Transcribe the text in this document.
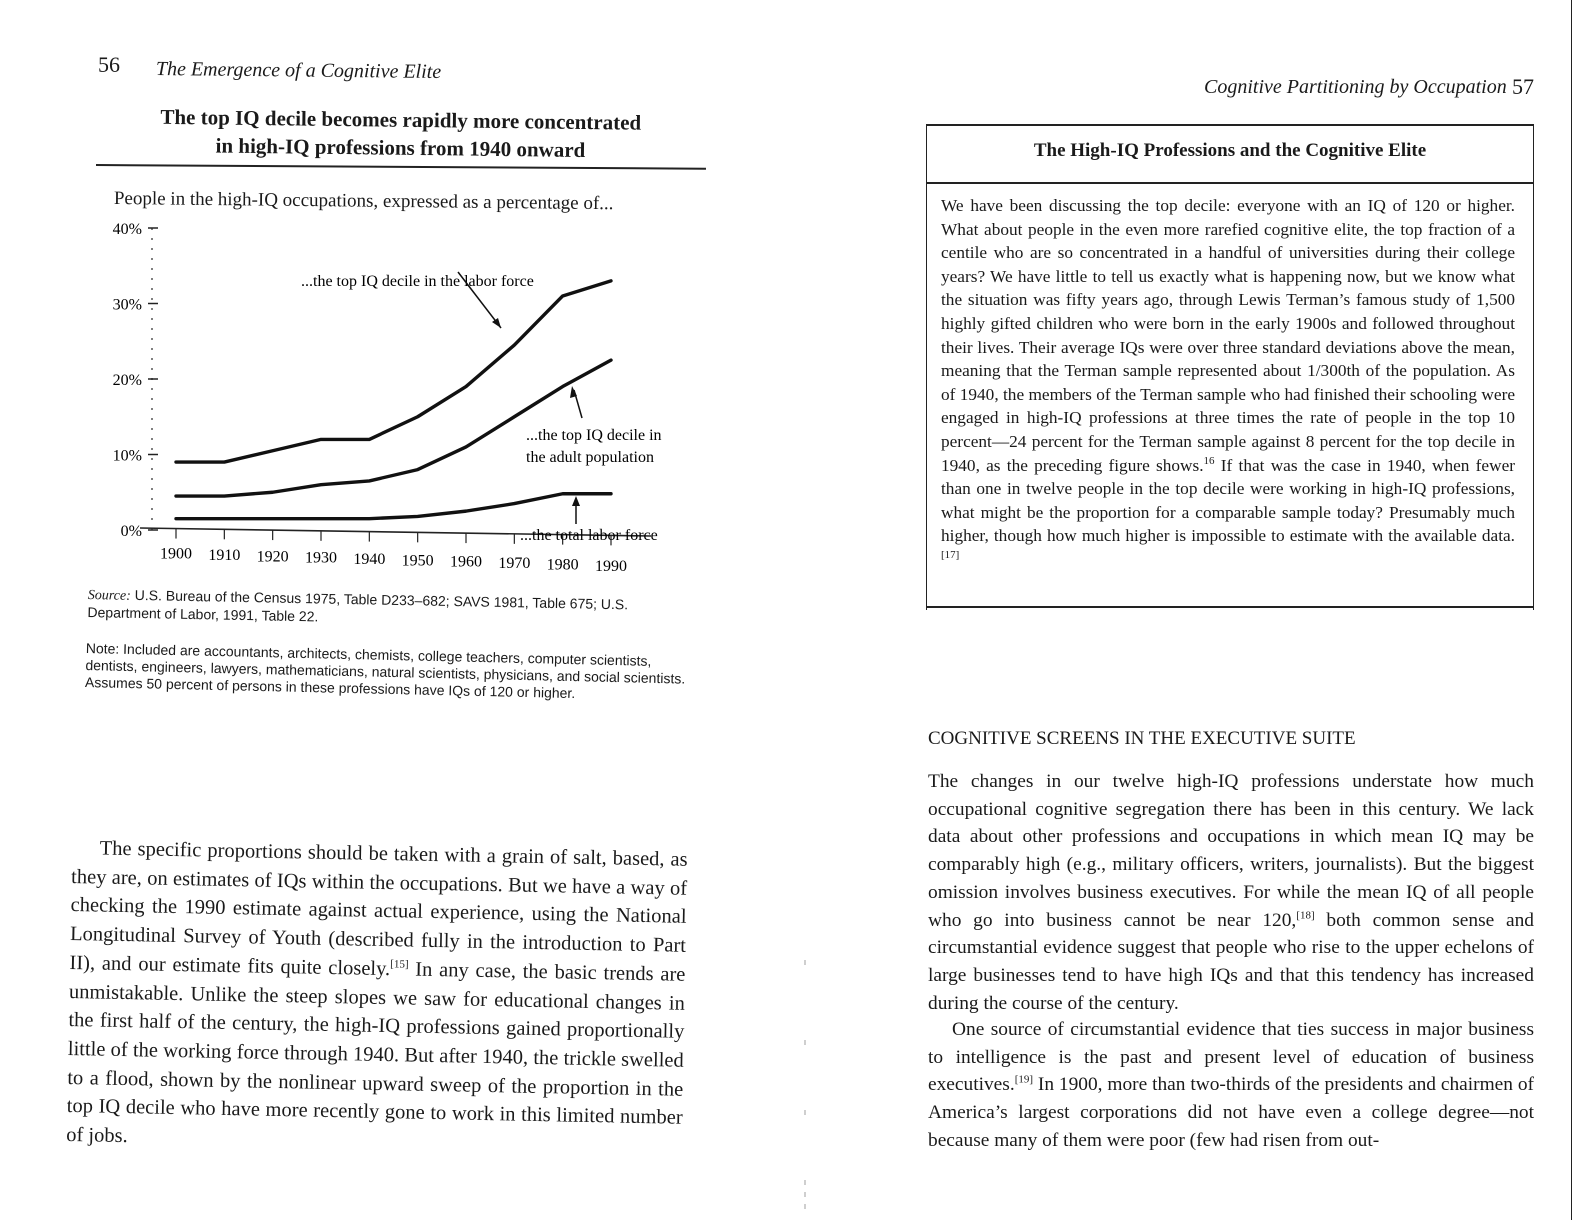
56 The Emergence of a Cognitive Elite
The top IQ decile becomes rapidly more concentrated
in high-IQ professions from 1940 onward
People in the high-IQ occupations, expressed as a percentage of...
40%
30%
20%
10%
0%
1900 1910 1920 1930 1940 1950 1960 1970 1980 1990
...the top IQ decile in the labor force
...the top IQ decile in
the adult population
...the total labor force
Source: U.S. Bureau of the Census 1975, Table D233–682; SAVS 1981, Table 675; U.S. Department of Labor, 1991, Table 22.
Note: Included are accountants, architects, chemists, college teachers, computer scientists, dentists, engineers, lawyers, mathematicians, natural scientists, physicians, and social scientists. Assumes 50 percent of persons in these professions have IQs of 120 or higher.
The specific proportions should be taken with a grain of salt, based, as they are, on estimates of IQs within the occupations. But we have a way of checking the 1990 estimate against actual experience, using the National Longitudinal Survey of Youth (described fully in the introduction to Part II), and our estimate fits quite closely.[15] In any case, the basic trends are unmistakable. Unlike the steep slopes we saw for educational changes in the first half of the century, the high-IQ professions gained proportionally little of the working force through 1940. But after 1940, the trickle swelled to a flood, shown by the nonlinear upward sweep of the proportion in the top IQ decile who have more recently gone to work in this limited number of jobs.
Cognitive Partitioning by Occupation 57
The High-IQ Professions and the Cognitive Elite
We have been discussing the top decile: everyone with an IQ of 120 or higher. What about people in the even more rarefied cognitive elite, the top fraction of a centile who are so concentrated in a handful of universities during their college years? We have little to tell us exactly what is happening now, but we know what the situation was fifty years ago, through Lewis Terman’s famous study of 1,500 highly gifted children who were born in the early 1900s and followed throughout their lives. Their average IQs were over three standard deviations above the mean, meaning that the Terman sample represented about 1/300th of the population. As of 1940, the members of the Terman sample who had finished their schooling were engaged in high-IQ professions at three times the rate of people in the top 10 percent—24 percent for the Terman sample against 8 percent for the top decile in 1940, as the preceding figure shows.$^{16}$ If that was the case in 1940, when fewer than one in twelve people in the top decile were working in high-IQ professions, what might be the proportion for a comparable sample today? Presumably much higher, though how much higher is impossible to estimate with the available data.[17]
COGNITIVE SCREENS IN THE EXECUTIVE SUITE
The changes in our twelve high-IQ professions understate how much occupational cognitive segregation there has been in this century. We lack data about other professions and occupations in which mean IQ may be comparably high (e.g., military officers, writers, journalists). But the biggest omission involves business executives. For while the mean IQ of all people who go into business cannot be near 120,[18] both common sense and circumstantial evidence suggest that people who rise to the upper echelons of large businesses tend to have high IQs and that this tendency has increased during the course of the century.
One source of circumstantial evidence that ties success in major business to intelligence is the past and present level of education of business executives.[19] In 1900, more than two-thirds of the presidents and chairmen of America’s largest corporations did not have even a college degree—not because many of them were poor (few had risen from out-
